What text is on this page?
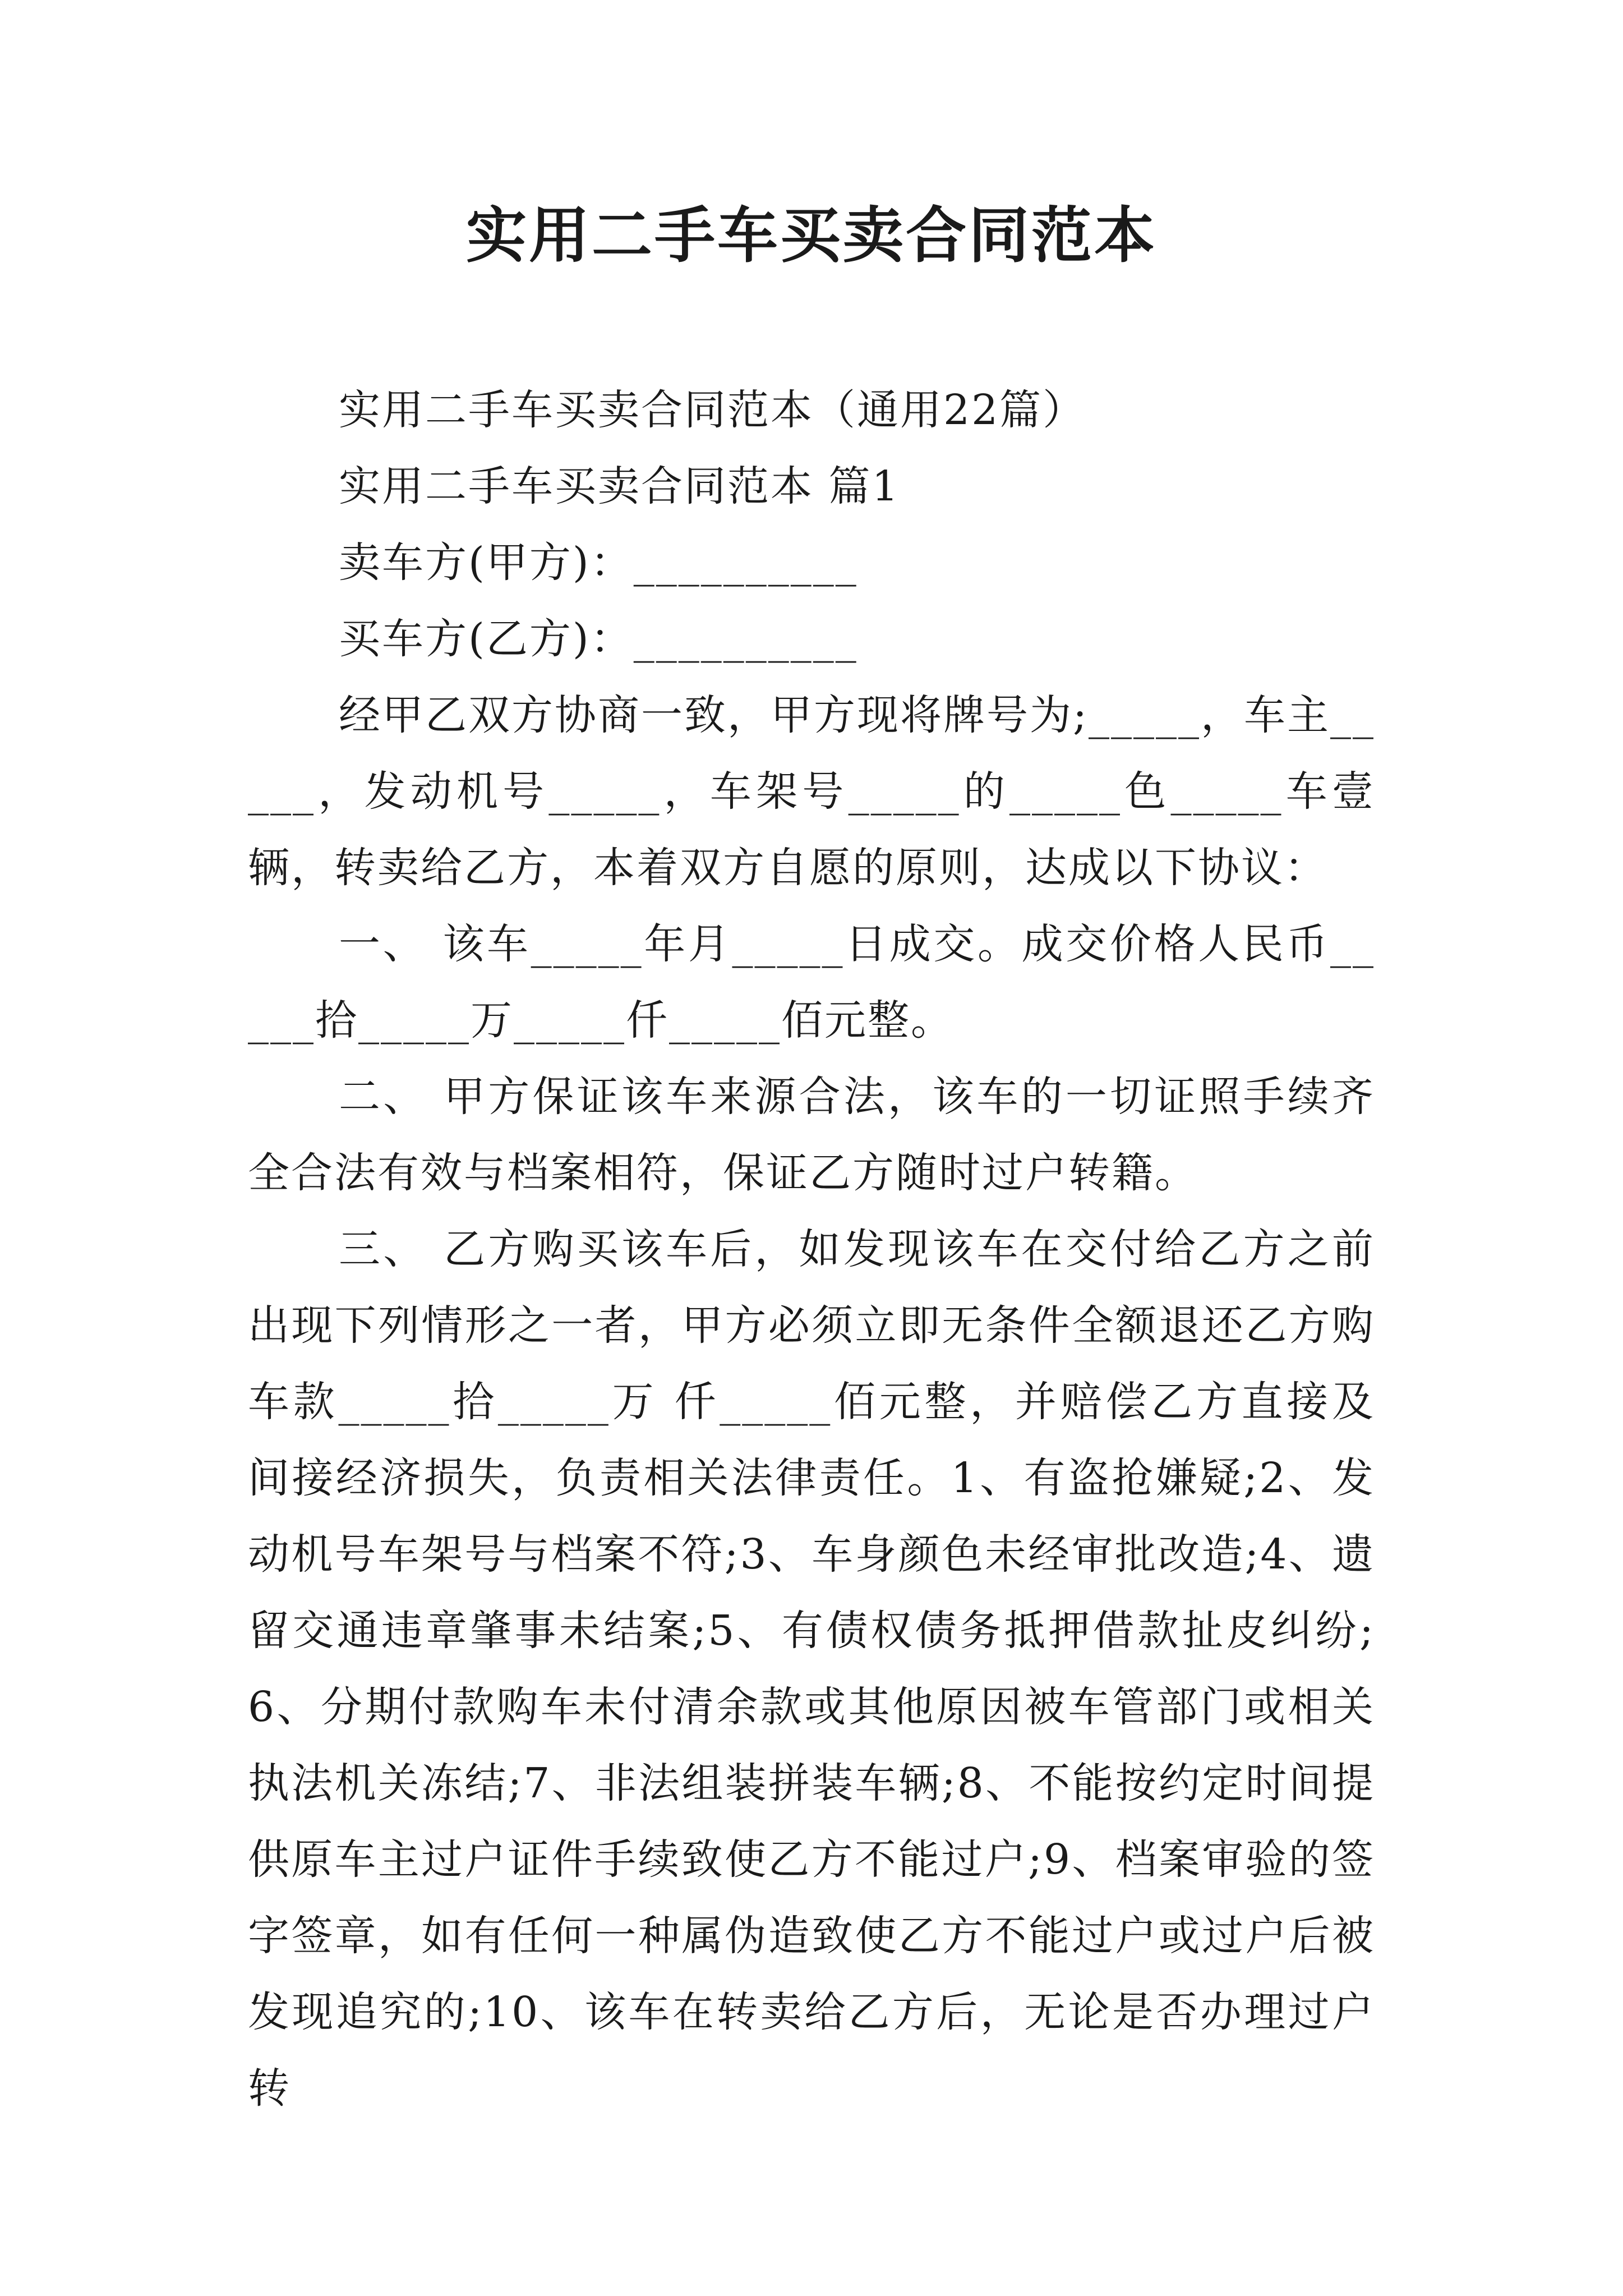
实用二手车买卖合同范本

实用二手车买卖合同范本（通用22篇）

实用二手车买卖合同范本 篇1

卖车方(甲方)：__________

买车方(乙方)：__________

经甲乙双方协商一致，甲方现将牌号为;_____，车主_____，发动机号_____，车架号_____的_____色_____车壹辆，转卖给乙方，本着双方自愿的原则，达成以下协议：

一、 该车_____年月_____日成交。成交价格人民币_____拾_____万_____仟_____佰元整。

二、 甲方保证该车来源合法，该车的一切证照手续齐全合法有效与档案相符，保证乙方随时过户转籍。

三、 乙方购买该车后，如发现该车在交付给乙方之前出现下列情形之一者，甲方必须立即无条件全额退还乙方购车款_____拾_____万 仟_____佰元整，并赔偿乙方直接及间接经济损失，负责相关法律责任。1、有盗抢嫌疑;2、发动机号车架号与档案不符;3、车身颜色未经审批改造;4、遗留交通违章肇事未结案;5、有债权债务抵押借款扯皮纠纷;6、分期付款购车未付清余款或其他原因被车管部门或相关执法机关冻结;7、非法组装拼装车辆;8、不能按约定时间提供原车主过户证件手续致使乙方不能过户;9、档案审验的签字签章，如有任何一种属伪造致使乙方不能过户或过户后被发现追究的;10、该车在转卖给乙方后，无论是否办理过户转
